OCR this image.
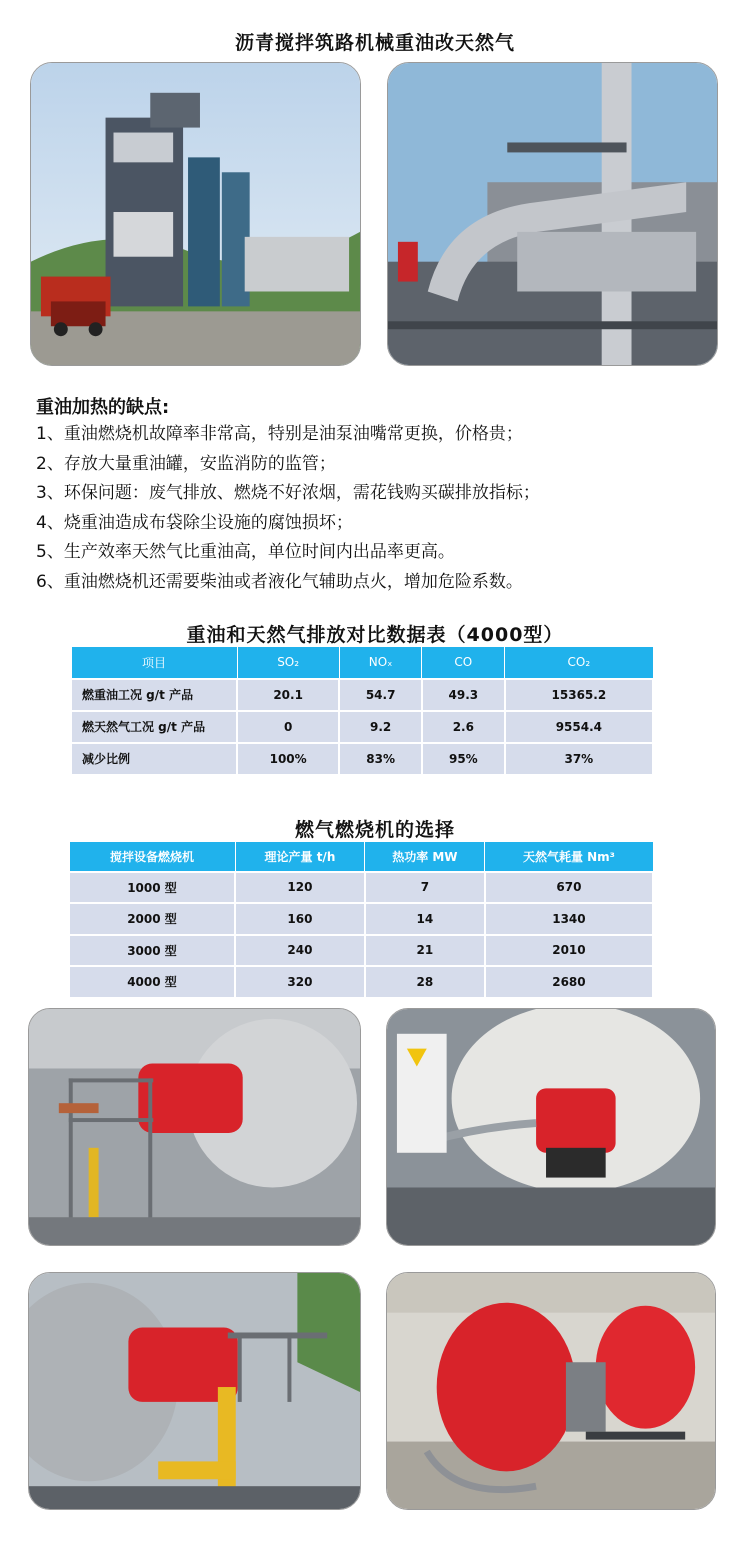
沥青搅拌筑路机械重油改天然气
重油加热的缺点:
1、重油燃烧机故障率非常高，特别是油泵油嘴常更换，价格贵；
2、存放大量重油罐，安监消防的监管；
3、环保问题：废气排放、燃烧不好浓烟，需花钱购买碳排放指标；
4、烧重油造成布袋除尘设施的腐蚀损坏；
5、生产效率天然气比重油高，单位时间内出品率更高。
6、重油燃烧机还需要柴油或者液化气辅助点火，增加危险系数。
重油和天然气排放对比数据表（4000型）
项目	SO₂	NOₓ	CO	CO₂
燃重油工况 g/t 产品	20.1	54.7	49.3	15365.2
燃天然气工况 g/t 产品	0	9.2	2.6	9554.4
减少比例	100%	83%	95%	37%
燃气燃烧机的选择
搅拌设备燃烧机	理论产量 t/h	热功率 MW	天然气耗量 Nm³
1000 型	120	7	670
2000 型	160	14	1340
3000 型	240	21	2010
4000 型	320	28	2680
